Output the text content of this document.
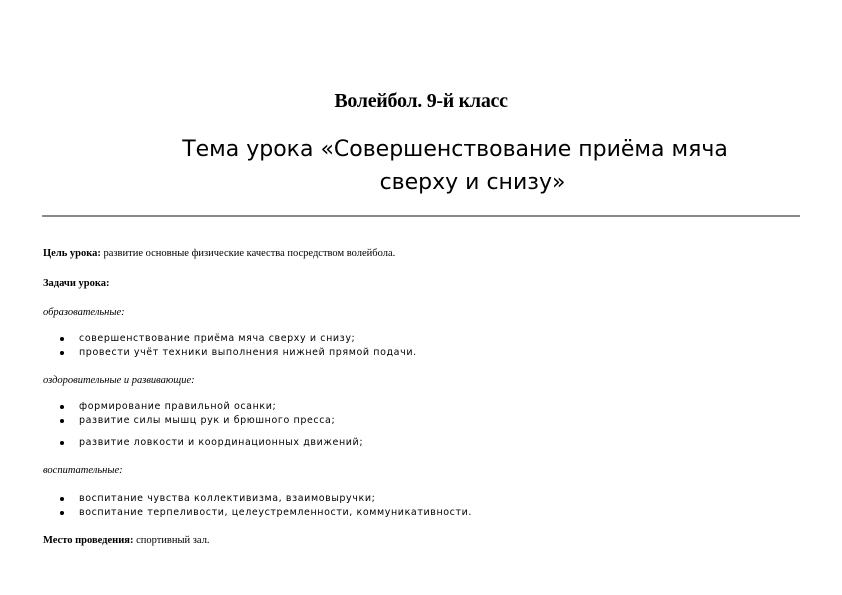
Волейбол. 9-й класс
Тема урока «Совершенствование приёма мяча
сверху и снизу»
Цель урока: развитие основные физические качества посредством волейбола.
Задачи урока:
образовательные:
совершенствование приёма мяча сверху и снизу;
провести учёт техники выполнения нижней прямой подачи.
оздоровительные и развивающие:
формирование правильной осанки;
развитие силы мышц рук и брюшного пресса;
развитие ловкости и координационных движений;
воспитательные:
воспитание чувства коллективизма, взаимовыручки;
воспитание терпеливости, целеустремленности, коммуникативности.
Место проведения: спортивный зал.
